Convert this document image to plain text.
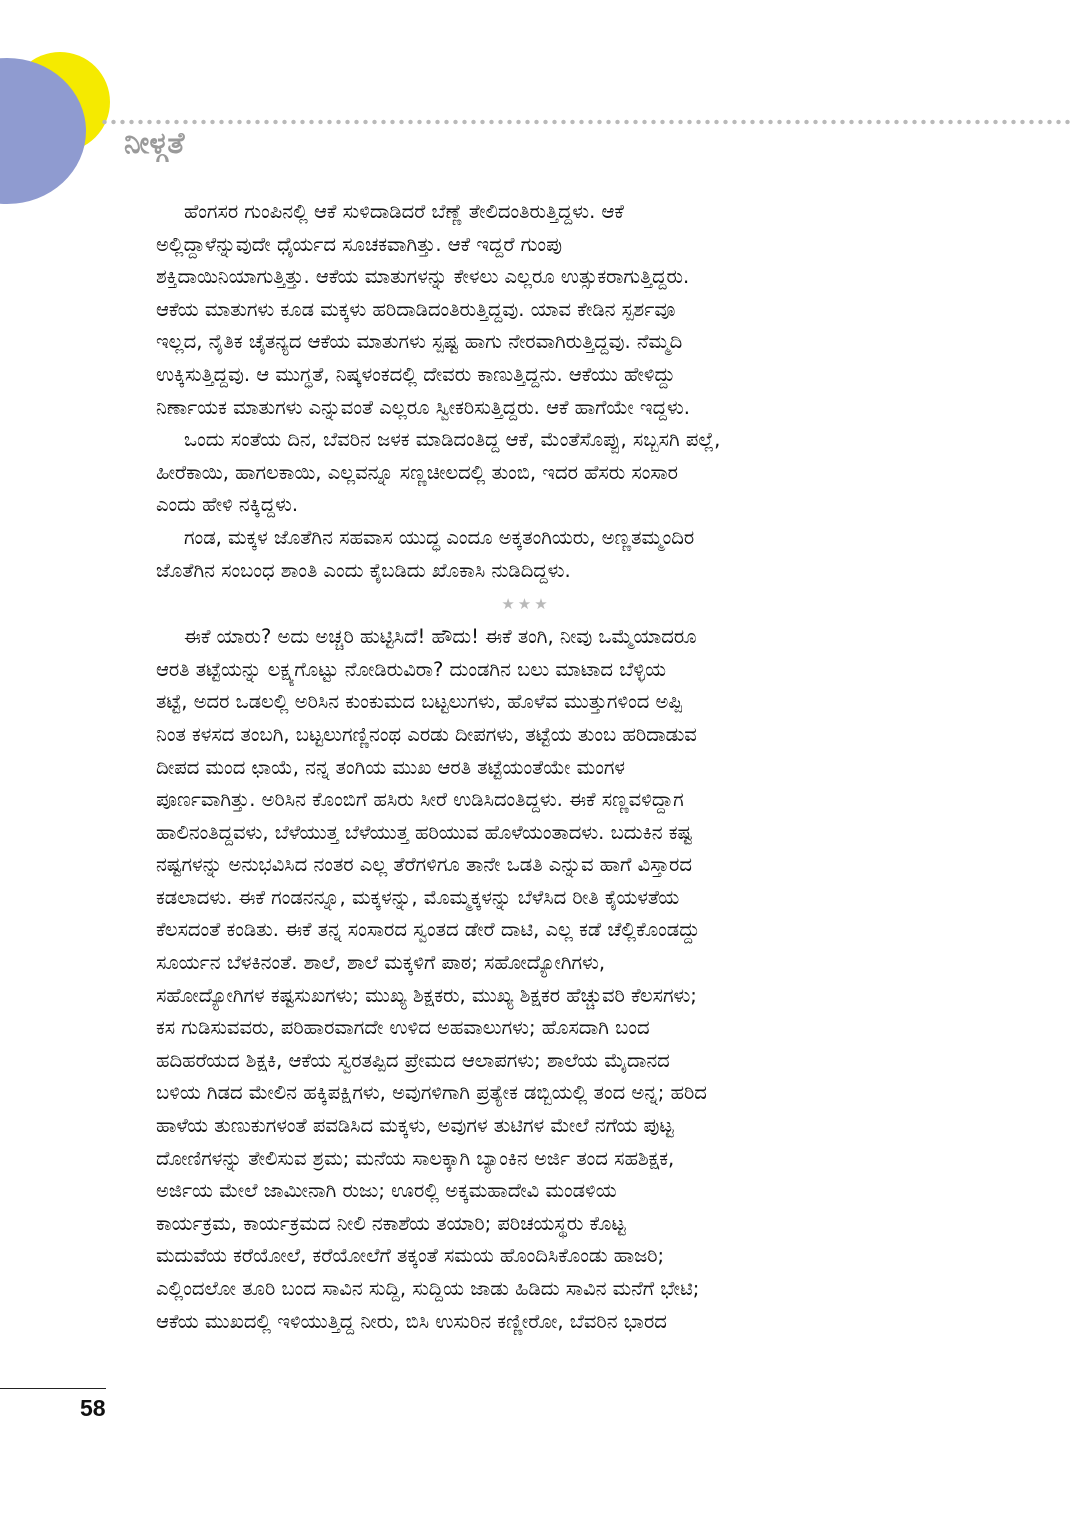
ನೀಳ್ಗತೆ
ಹೆಂಗಸರ ಗುಂಪಿನಲ್ಲಿ ಆಕೆ ಸುಳಿದಾಡಿದರೆ ಬೆಣ್ಣೆ ತೇಲಿದಂತಿರುತ್ತಿದ್ದಳು. ಆಕೆ
ಅಲ್ಲಿದ್ದಾಳೆನ್ನುವುದೇ ಧೈರ್ಯದ ಸೂಚಕವಾಗಿತ್ತು. ಆಕೆ ಇದ್ದರೆ ಗುಂಪು
ಶಕ್ತಿದಾಯಿನಿಯಾಗುತ್ತಿತ್ತು. ಆಕೆಯ ಮಾತುಗಳನ್ನು ಕೇಳಲು ಎಲ್ಲರೂ ಉತ್ಸುಕರಾಗುತ್ತಿದ್ದರು.
ಆಕೆಯ ಮಾತುಗಳು ಕೂಡ ಮಕ್ಕಳು ಹರಿದಾಡಿದಂತಿರುತ್ತಿದ್ದವು. ಯಾವ ಕೇಡಿನ ಸ್ಪರ್ಶವೂ
ಇಲ್ಲದ, ನೈತಿಕ ಚೈತನ್ಯದ ಆಕೆಯ ಮಾತುಗಳು ಸ್ಪಷ್ಟ ಹಾಗು ನೇರವಾಗಿರುತ್ತಿದ್ದವು. ನೆಮ್ಮದಿ
ಉಕ್ಕಿಸುತ್ತಿದ್ದವು. ಆ ಮುಗ್ಧತೆ, ನಿಷ್ಕಳಂಕದಲ್ಲಿ ದೇವರು ಕಾಣುತ್ತಿದ್ದನು. ಆಕೆಯು ಹೇಳಿದ್ದು
ನಿರ್ಣಾಯಕ ಮಾತುಗಳು ಎನ್ನುವಂತೆ ಎಲ್ಲರೂ ಸ್ವೀಕರಿಸುತ್ತಿದ್ದರು. ಆಕೆ ಹಾಗೆಯೇ ಇದ್ದಳು.
ಒಂದು ಸಂತೆಯ ದಿನ, ಬೆವರಿನ ಜಳಕ ಮಾಡಿದಂತಿದ್ದ ಆಕೆ, ಮೆಂತೆಸೊಪ್ಪು, ಸಬ್ಬಸಗಿ ಪಲ್ಲೆ,
ಹೀರೆಕಾಯಿ, ಹಾಗಲಕಾಯಿ, ಎಲ್ಲವನ್ನೂ ಸಣ್ಣಚೀಲದಲ್ಲಿ ತುಂಬಿ, ಇದರ ಹೆಸರು ಸಂಸಾರ
ಎಂದು ಹೇಳಿ ನಕ್ಕಿದ್ದಳು.
ಗಂಡ, ಮಕ್ಕಳ ಜೊತೆಗಿನ ಸಹವಾಸ ಯುದ್ಧ ಎಂದೂ ಅಕ್ಕತಂಗಿಯರು, ಅಣ್ಣತಮ್ಮಂದಿರ
ಜೊತೆಗಿನ ಸಂಬಂಧ ಶಾಂತಿ ಎಂದು ಕೈಬಡಿದು ಖೊಕಾಸಿ ನುಡಿದಿದ್ದಳು.
★★★
ಈಕೆ ಯಾರು? ಅದು ಅಚ್ಚರಿ ಹುಟ್ಟಿಸಿದೆ! ಹೌದು! ಈಕೆ ತಂಗಿ, ನೀವು ಒಮ್ಮೆಯಾದರೂ
ಆರತಿ ತಟ್ಟೆಯನ್ನು ಲಕ್ಷ್ಯಗೊಟ್ಟು ನೋಡಿರುವಿರಾ? ದುಂಡಗಿನ ಬಲು ಮಾಟಾದ ಬೆಳ್ಳಿಯ
ತಟ್ಟೆ, ಅದರ ಒಡಲಲ್ಲಿ ಅರಿಸಿನ ಕುಂಕುಮದ ಬಟ್ಟಲುಗಳು, ಹೊಳೆವ ಮುತ್ತುಗಳಿಂದ ಅಪ್ಪಿ
ನಿಂತ ಕಳಸದ ತಂಬಗಿ, ಬಟ್ಟಲುಗಣ್ಣಿನಂಥ ಎರಡು ದೀಪಗಳು, ತಟ್ಟೆಯ ತುಂಬ ಹರಿದಾಡುವ
ದೀಪದ ಮಂದ ಛಾಯೆ, ನನ್ನ ತಂಗಿಯ ಮುಖ ಆರತಿ ತಟ್ಟೆಯಂತೆಯೇ ಮಂಗಳ
ಪೂರ್ಣವಾಗಿತ್ತು. ಅರಿಸಿನ ಕೊಂಬಿಗೆ ಹಸಿರು ಸೀರೆ ಉಡಿಸಿದಂತಿದ್ದಳು. ಈಕೆ ಸಣ್ಣವಳಿದ್ದಾಗ
ಹಾಲಿನಂತಿದ್ದವಳು, ಬೆಳೆಯುತ್ತ ಬೆಳೆಯುತ್ತ ಹರಿಯುವ ಹೊಳೆಯಂತಾದಳು. ಬದುಕಿನ ಕಷ್ಟ
ನಷ್ಟಗಳನ್ನು ಅನುಭವಿಸಿದ ನಂತರ ಎಲ್ಲ ತೆರೆಗಳಿಗೂ ತಾನೇ ಒಡತಿ ಎನ್ನುವ ಹಾಗೆ ವಿಸ್ತಾರದ
ಕಡಲಾದಳು. ಈಕೆ ಗಂಡನನ್ನೂ, ಮಕ್ಕಳನ್ನು, ಮೊಮ್ಮಕ್ಕಳನ್ನು ಬೆಳೆಸಿದ ರೀತಿ ಕೈಯಳತೆಯ
ಕೆಲಸದಂತೆ ಕಂಡಿತು. ಈಕೆ ತನ್ನ ಸಂಸಾರದ ಸ್ವಂತದ ಡೇರೆ ದಾಟಿ, ಎಲ್ಲ ಕಡೆ ಚೆಲ್ಲಿಕೊಂಡದ್ದು
ಸೂರ್ಯನ ಬೆಳಕಿನಂತೆ. ಶಾಲೆ, ಶಾಲೆ ಮಕ್ಕಳಿಗೆ ಪಾಠ; ಸಹೋದ್ಯೋಗಿಗಳು,
ಸಹೋದ್ಯೋಗಿಗಳ ಕಷ್ಟಸುಖಗಳು; ಮುಖ್ಯ ಶಿಕ್ಷಕರು, ಮುಖ್ಯ ಶಿಕ್ಷಕರ ಹೆಚ್ಚುವರಿ ಕೆಲಸಗಳು;
ಕಸ ಗುಡಿಸುವವರು, ಪರಿಹಾರವಾಗದೇ ಉಳಿದ ಅಹವಾಲುಗಳು; ಹೊಸದಾಗಿ ಬಂದ
ಹದಿಹರೆಯದ ಶಿಕ್ಷಕಿ, ಆಕೆಯ ಸ್ವರತಪ್ಪಿದ ಪ್ರೇಮದ ಆಲಾಪಗಳು; ಶಾಲೆಯ ಮೈದಾನದ
ಬಳಿಯ ಗಿಡದ ಮೇಲಿನ ಹಕ್ಕಿಪಕ್ಷಿಗಳು, ಅವುಗಳಿಗಾಗಿ ಪ್ರತ್ಯೇಕ ಡಬ್ಬಿಯಲ್ಲಿ ತಂದ ಅನ್ನ; ಹರಿದ
ಹಾಳೆಯ ತುಣುಕುಗಳಂತೆ ಪವಡಿಸಿದ ಮಕ್ಕಳು, ಅವುಗಳ ತುಟಿಗಳ ಮೇಲೆ ನಗೆಯ ಪುಟ್ಟ
ದೋಣಿಗಳನ್ನು ತೇಲಿಸುವ ಶ್ರಮ; ಮನೆಯ ಸಾಲಕ್ಕಾಗಿ ಬ್ಯಾಂಕಿನ ಅರ್ಜಿ ತಂದ ಸಹಶಿಕ್ಷಕ,
ಅರ್ಜಿಯ ಮೇಲೆ ಜಾಮೀನಾಗಿ ರುಜು; ಊರಲ್ಲಿ ಅಕ್ಕಮಹಾದೇವಿ ಮಂಡಳಿಯ
ಕಾರ್ಯಕ್ರಮ, ಕಾರ್ಯಕ್ರಮದ ನೀಲಿ ನಕಾಶೆಯ ತಯಾರಿ; ಪರಿಚಯಸ್ಥರು ಕೊಟ್ಟ
ಮದುವೆಯ ಕರೆಯೋಲೆ, ಕರೆಯೋಲೆಗೆ ತಕ್ಕಂತೆ ಸಮಯ ಹೊಂದಿಸಿಕೊಂಡು ಹಾಜರಿ;
ಎಲ್ಲಿಂದಲೋ ತೂರಿ ಬಂದ ಸಾವಿನ ಸುದ್ದಿ, ಸುದ್ದಿಯ ಜಾಡು ಹಿಡಿದು ಸಾವಿನ ಮನೆಗೆ ಭೇಟಿ;
ಆಕೆಯ ಮುಖದಲ್ಲಿ ಇಳಿಯುತ್ತಿದ್ದ ನೀರು, ಬಿಸಿ ಉಸುರಿನ ಕಣ್ಣೀರೋ, ಬೆವರಿನ ಭಾರದ
58
